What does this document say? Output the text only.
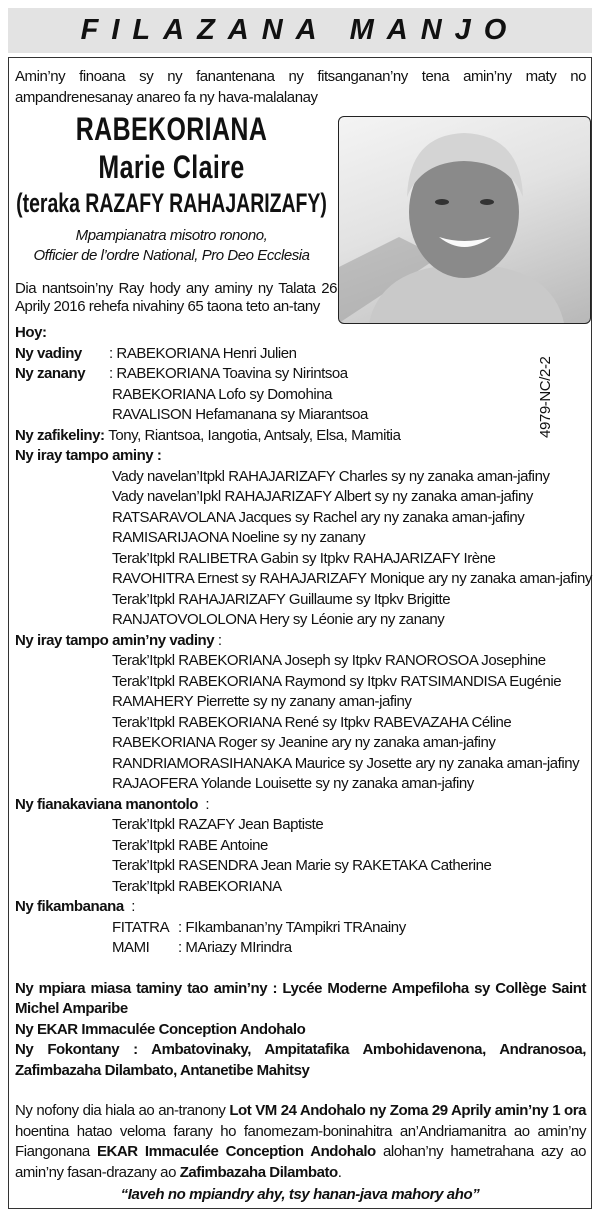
FILAZANA MANJO
Amin’ny finoana sy ny fanantenana ny fitsanganan’ny tena amin’ny maty no ampandrenesanay anareo fa ny hava-malalanay
RABEKORIANA
Marie Claire
(teraka RAZAFY RAHAJARIZAFY)
Mpampianatra misotro ronono,
Officier de l’ordre National, Pro Deo Ecclesia
Dia nantsoin’ny Ray hody any aminy ny Talata 26 Aprily 2016 rehefa nivahiny 65 taona teto an-tany
4979-NC/2-2
Hoy:
Ny vadiny	: RABEKORIANA Henri Julien
Ny zanany	: RABEKORIANA Toavina sy Nirintsoa
RABEKORIANA Lofo sy Domohina
RAVALISON Hefamanana sy Miarantsoa
Ny zafikeliny:
Tony, Riantsoa, Iangotia, Antsaly, Elsa, Mamitia
Ny iray tampo aminy :
Vady navelan’Itpkl RAHAJARIZAFY Charles sy ny zanaka aman-jafiny
Vady navelan’Ipkl RAHAJARIZAFY Albert sy ny zanaka aman-jafiny
RATSARAVOLANA Jacques sy Rachel ary ny zanaka aman-jafiny
RAMISARIJAONA Noeline sy ny zanany
Terak’Itpkl RALIBETRA Gabin sy Itpkv RAHAJARIZAFY Irène
RAVOHITRA Ernest sy RAHAJARIZAFY Monique ary ny zanaka aman-jafiny
Terak’Itpkl RAHAJARIZAFY Guillaume sy Itpkv Brigitte
RANJATOVOLOLONA Hery sy Léonie ary ny zanany
Ny iray tampo amin’ny vadiny
:
Terak’Itpkl RABEKORIANA Joseph sy Itpkv RANOROSOA Josephine
Terak’Itpkl RABEKORIANA Raymond sy Itpkv RATSIMANDISA Eugénie
RAMAHERY Pierrette sy ny zanany aman-jafiny
Terak’Itpkl RABEKORIANA René sy Itpkv RABEVAZAHA Céline
RABEKORIANA Roger sy Jeanine ary ny zanaka aman-jafiny
RANDRIAMORASIHANAKA Maurice sy Josette ary ny zanaka aman-jafiny
RAJAOFERA Yolande Louisette sy ny zanaka aman-jafiny
Ny fianakaviana manontolo
:
Terak’Itpkl RAZAFY Jean Baptiste
Terak’Itpkl RABE Antoine
Terak’Itpkl RASENDRA Jean Marie sy RAKETAKA Catherine
Terak’Itpkl RABEKORIANA
Ny fikambanana
:
FITATRA : FIkambanan’ny TAmpikri TRAnainy
MAMI	: MAriazy MIrindra
Ny mpiara miasa taminy tao amin’ny : Lycée Moderne Ampefiloha sy Collège Saint Michel Amparibe
Ny EKAR Immaculée Conception Andohalo
Ny Fokontany : Ambatovinaky, Ampitatafika Ambohidavenona, Andranosoa, Zafimbazaha Dilambato, Antanetibe Mahitsy
Ny nofony dia hiala ao an-tranony Lot VM 24 Andohalo ny Zoma 29 Aprily amin’ny 1 ora hoentina hatao veloma farany ho fanomezam-boninahitra an’Andriamanitra ao amin’ny Fiangonana EKAR Immaculée Conception Andohalo alohan’ny hametrahana azy ao amin’ny fasan-drazany ao Zafimbazaha Dilambato.
“Iaveh no mpiandry ahy, tsy hanan-java mahory aho”
